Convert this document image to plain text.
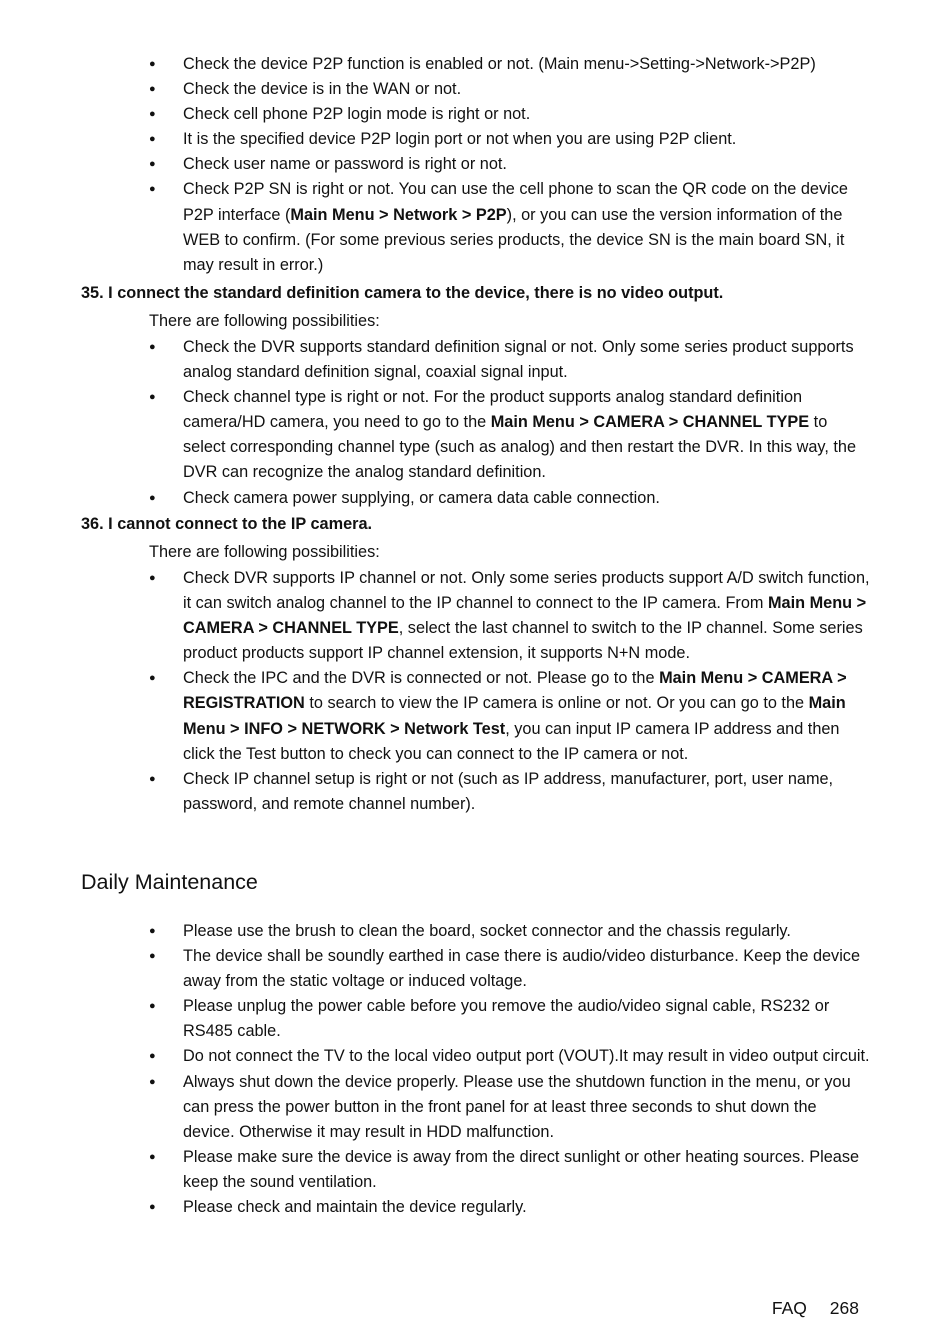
● Check the device P2P function is enabled or not. (Main menu->Setting->Network->P2P)
● Check the device is in the WAN or not.
● Check cell phone P2P login mode is right or not.
● It is the specified device P2P login port or not when you are using P2P client.
● Check user name or password is right or not.
● Check P2P SN is right or not. You can use the cell phone to scan the QR code on the device P2P interface (Main Menu > Network > P2P), or you can use the version information of the WEB to confirm. (For some previous series products, the device SN is the main board SN, it may result in error.)
35. I connect the standard definition camera to the device, there is no video output.
There are following possibilities:
● Check the DVR supports standard definition signal or not. Only some series product supports analog standard definition signal, coaxial signal input.
● Check channel type is right or not. For the product supports analog standard definition camera/HD camera, you need to go to the Main Menu > CAMERA > CHANNEL TYPE to select corresponding channel type (such as analog) and then restart the DVR. In this way, the DVR can recognize the analog standard definition.
● Check camera power supplying, or camera data cable connection.
36. I cannot connect to the IP camera.
There are following possibilities:
● Check DVR supports IP channel or not. Only some series products support A/D switch function, it can switch analog channel to the IP channel to connect to the IP camera. From Main Menu > CAMERA > CHANNEL TYPE, select the last channel to switch to the IP channel. Some series product products support IP channel extension, it supports N+N mode.
● Check the IPC and the DVR is connected or not. Please go to the Main Menu > CAMERA > REGISTRATION to search to view the IP camera is online or not. Or you can go to the Main Menu > INFO > NETWORK > Network Test, you can input IP camera IP address and then click the Test button to check you can connect to the IP camera or not.
● Check IP channel setup is right or not (such as IP address, manufacturer, port, user name, password, and remote channel number).
Daily Maintenance
● Please use the brush to clean the board, socket connector and the chassis regularly.
● The device shall be soundly earthed in case there is audio/video disturbance. Keep the device away from the static voltage or induced voltage.
● Please unplug the power cable before you remove the audio/video signal cable, RS232 or RS485 cable.
● Do not connect the TV to the local video output port (VOUT).It may result in video output circuit.
● Always shut down the device properly. Please use the shutdown function in the menu, or you can press the power button in the front panel for at least three seconds to shut down the device. Otherwise it may result in HDD malfunction.
● Please make sure the device is away from the direct sunlight or other heating sources. Please keep the sound ventilation.
● Please check and maintain the device regularly.
FAQ 268
